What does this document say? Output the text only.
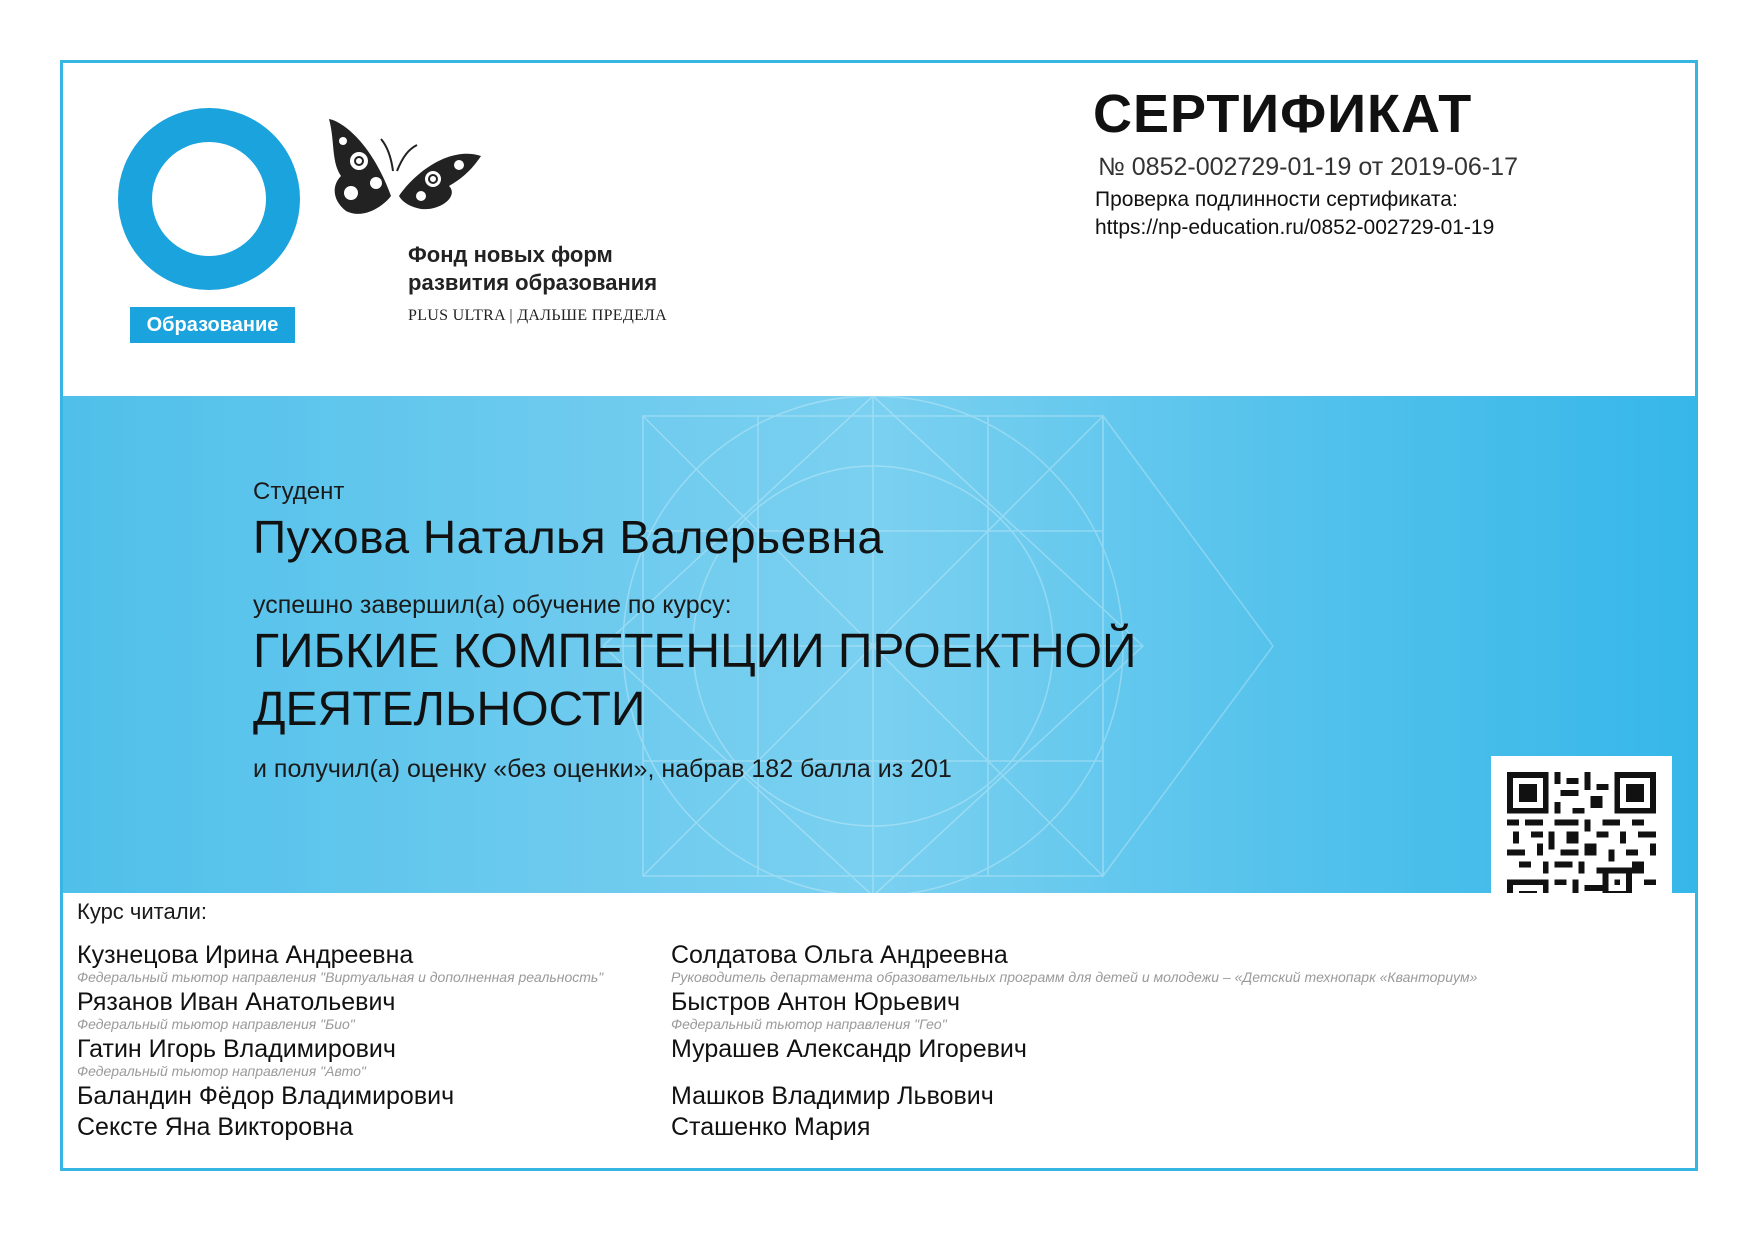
Образование
Фонд новых форм
развития образования
PLUS ULTRA | ДАЛЬШЕ ПРЕДЕЛА
СЕРТИФИКАТ
№ 0852-002729-01-19 от 2019-06-17
Проверка подлинности сертификата:
https://np-education.ru/0852-002729-01-19
Студент
Пухова Наталья Валерьевна
успешно завершил(а) обучение по курсу:
ГИБКИЕ КОМПЕТЕНЦИИ ПРОЕКТНОЙ
ДЕЯТЕЛЬНОСТИ
и получил(а) оценку «без оценки», набрав 182 балла из 201
Курс читали:
Кузнецова Ирина Андреевна
Федеральный тьютор направления "Виртуальная и дополненная реальность"
Рязанов Иван Анатольевич
Федеральный тьютор направления "Био"
Гатин Игорь Владимирович
Федеральный тьютор направления "Авто"
Баландин Фёдор Владимирович
Сексте Яна Викторовна
Солдатова Ольга Андреевна
Руководитель департамента образовательных программ для детей и молодежи – «Детский технопарк «Кванториум»
Быстров Антон Юрьевич
Федеральный тьютор направления "Гео"
Мурашев Александр Игоревич
Машков Владимир Львович
Сташенко Мария
